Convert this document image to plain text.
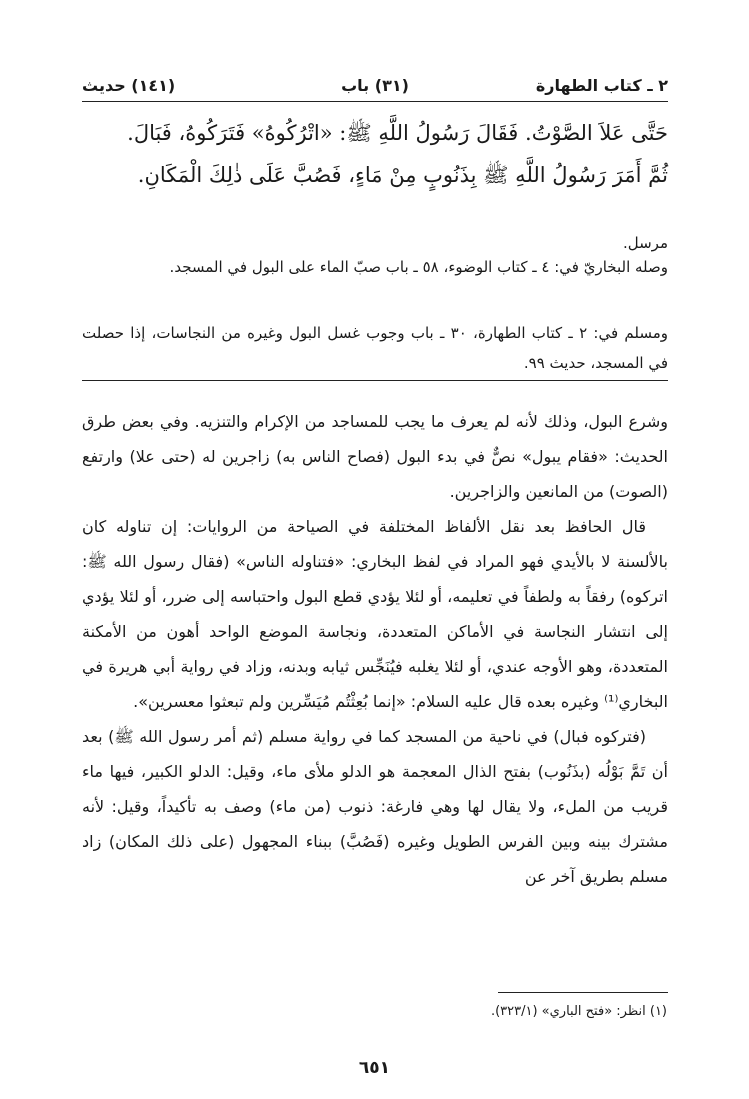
٢ ـ كتاب الطهارة
(٣١) باب
(١٤١) حديث

حَتَّى عَلاَ الصَّوْتُ. فَقَالَ رَسُولُ اللَّهِ ﷺ: «اتْرُكُوهُ» فَتَرَكُوهُ، فَبَالَ.

ثُمَّ أَمَرَ رَسُولُ اللَّهِ ﷺ بِذَنُوبٍ مِنْ مَاءٍ، فَصُبَّ عَلَى ذٰلِكَ الْمَكَانِ.

مرسل.

وصله البخاريّ في: ٤ ـ كتاب الوضوء، ٥٨ ـ باب صبّ الماء على البول في المسجد.

ومسلم في: ٢ ـ كتاب الطهارة، ٣٠ ـ باب وجوب غسل البول وغيره من النجاسات، إذا حصلت في المسجد، حديث ٩٩.

وشرع البول، وذلك لأنه لم يعرف ما يجب للمساجد من الإكرام والتنزيه. وفي بعض طرق الحديث: «فقام يبول» نصٌّ في بدء البول (فصاح الناس به) زاجرين له (حتى علا) وارتفع (الصوت) من المانعين والزاجرين.

قال الحافظ بعد نقل الألفاظ المختلفة في الصياحة من الروايات: إن تناوله كان بالألسنة لا بالأيدي فهو المراد في لفظ البخاري: «فتناوله الناس» (فقال رسول الله ﷺ: اتركوه) رفقاً به ولطفاً في تعليمه، أو لئلا يؤدي قطع البول واحتباسه إلى ضرر، أو لئلا يؤدي إلى انتشار النجاسة في الأماكن المتعددة، ونجاسة الموضع الواحد أهون من الأمكنة المتعددة، وهو الأوجه عندي، أو لئلا يغلبه فيُنَجِّس ثيابه وبدنه، وزاد في رواية أبي هريرة في البخاري⁽¹⁾ وغيره بعده قال عليه السلام: «إنما بُعِثْتُم مُيَسِّرين ولم تبعثوا معسرين».

(فتركوه فبال) في ناحية من المسجد كما في رواية مسلم (ثم أمر رسول الله ﷺ) بعد أن تَمَّ بَوْلُه (بذَنُوب) بفتح الذال المعجمة هو الدلو ملأى ماء، وقيل: الدلو الكبير، فيها ماء قريب من الملء، ولا يقال لها وهي فارغة: ذنوب (من ماء) وصف به تأكيداً، وقيل: لأنه مشترك بينه وبين الفرس الطويل وغيره (فَصُبَّ) ببناء المجهول (على ذلك المكان) زاد مسلم بطريق آخر عن

(١) انظر: «فتح الباري» (٣٢٣/١).
٦٥١
